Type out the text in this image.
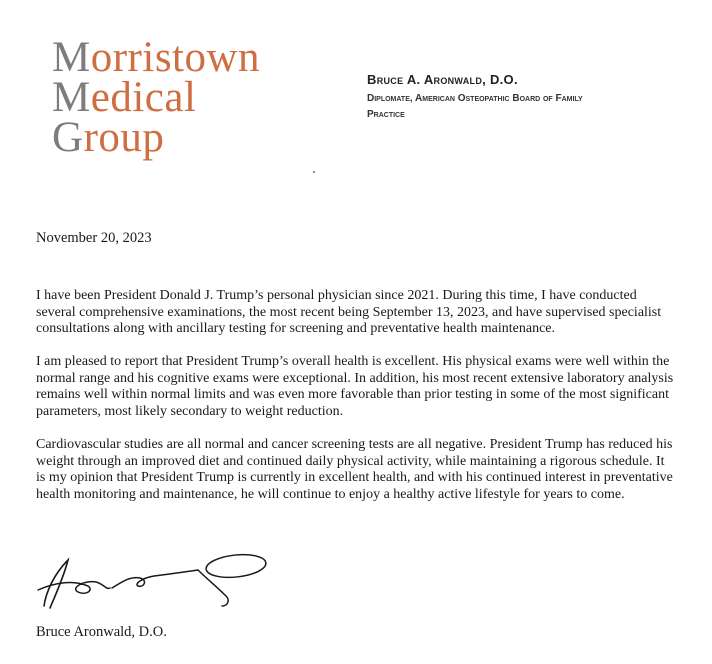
Morristown
Medical
Group
Bruce A. Aronwald, D.O.
Diplomate, American Osteopathic Board of Family Practice
November 20, 2023

I have been President Donald J. Trump’s personal physician since 2021. During this time, I have conducted several comprehensive examinations, the most recent being September 13, 2023, and have supervised specialist consultations along with ancillary testing for screening and preventative health maintenance.

I am pleased to report that President Trump’s overall health is excellent. His physical exams were well within the normal range and his cognitive exams were exceptional. In addition, his most recent extensive laboratory analysis remains well within normal limits and was even more favorable than prior testing in some of the most significant parameters, most likely secondary to weight reduction.

Cardiovascular studies are all normal and cancer screening tests are all negative. President Trump has reduced his weight through an improved diet and continued daily physical activity, while maintaining a rigorous schedule. It is my opinion that President Trump is currently in excellent health, and with his continued interest in preventative health monitoring and maintenance, he will continue to enjoy a healthy active lifestyle for years to come.

Bruce Aronwald, D.O.
